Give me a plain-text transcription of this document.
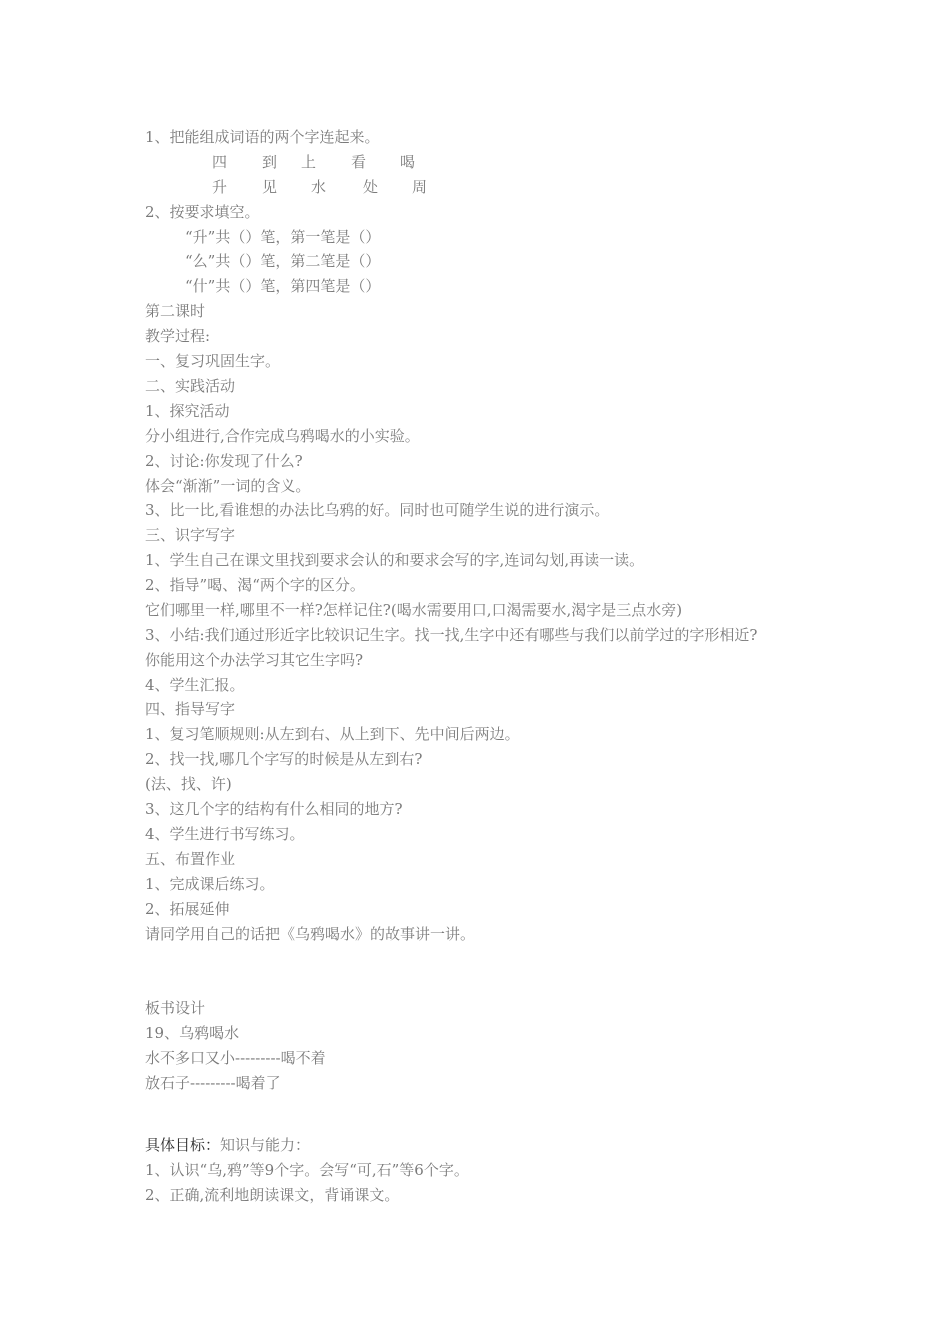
1、把能组成词语的两个字连起来。
四 到 上 看 喝
升 见 水 处 周
2、按要求填空。
“升”共（）笔，第一笔是（）
“么”共（）笔，第二笔是（）
“什”共（）笔，第四笔是（）
第二课时
教学过程:
一、复习巩固生字。
二、实践活动
1、探究活动
分小组进行,合作完成乌鸦喝水的小实验。
2、讨论:你发现了什么?
体会“渐渐”一词的含义。
3、比一比,看谁想的办法比乌鸦的好。同时也可随学生说的进行演示。
三、识字写字
1、学生自己在课文里找到要求会认的和要求会写的字,连词勾划,再读一读。
2、指导”喝、渴“两个字的区分。
它们哪里一样,哪里不一样?怎样记住?(喝水需要用口,口渴需要水,渴字是三点水旁)
3、小结:我们通过形近字比较识记生字。找一找,生字中还有哪些与我们以前学过的字形相近?
你能用这个办法学习其它生字吗?
4、学生汇报。
四、指导写字
1、复习笔顺规则:从左到右、从上到下、先中间后两边。
2、找一找,哪几个字写的时候是从左到右?
(法、找、许)
3、这几个字的结构有什么相同的地方?
4、学生进行书写练习。
五、布置作业
1、完成课后练习。
2、拓展延伸
请同学用自己的话把《乌鸦喝水》的故事讲一讲。
板书设计
19、乌鸦喝水
水不多口又小---------喝不着
放石子---------喝着了
具体目标：知识与能力：
1、认识“乌,鸦”等9个字。会写“可,石”等6个字。
2、正确,流利地朗读课文，背诵课文。
